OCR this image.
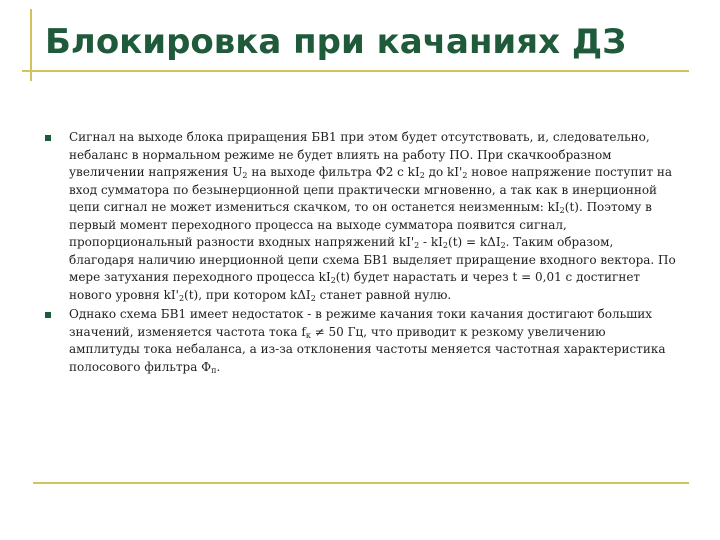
Блокировка при качаниях ДЗ
Сигнал на выходе блока приращения БВ1 при этом будет отсутствовать, и, следовательно, небаланс в нормальном режиме не будет влиять на работу ПО. При скачкообразном увеличении напряжения $U_2$ на выходе фильтра Ф2 с $kI_2$ до $kI'_2$ новое напряжение поступит на вход сумматора по безынерционной цепи практически мгновенно, а так как в инерционной цепи сигнал не может измениться скачком, то он останется неизменным: $kI_2(t)$. Поэтому в первый момент переходного процесса на выходе сумматора появится сигнал, пропорциональный разности входных напряжений $kI'_2 - kI_2(t) = k\Delta I_2$. Таким образом, благодаря наличию инерционной цепи схема БВ1 выделяет приращение входного вектора. По мере затухания переходного процесса $kI_2(t)$ будет нарастать и через t = 0,01 с достигнет нового уровня $kI'_2(t)$, при котором kΔI$_2$ станет равной нулю.
Однако схема БВ1 имеет недостаток - в режиме качания токи качания достигают больших значений, изменяется частота тока $f_к \ne 50$ Гц, что приводит к резкому увеличению амплитуды тока небаланса, а из-за отклонения частоты меняется частотная характеристика полосового фильтра $Ф_п$.
